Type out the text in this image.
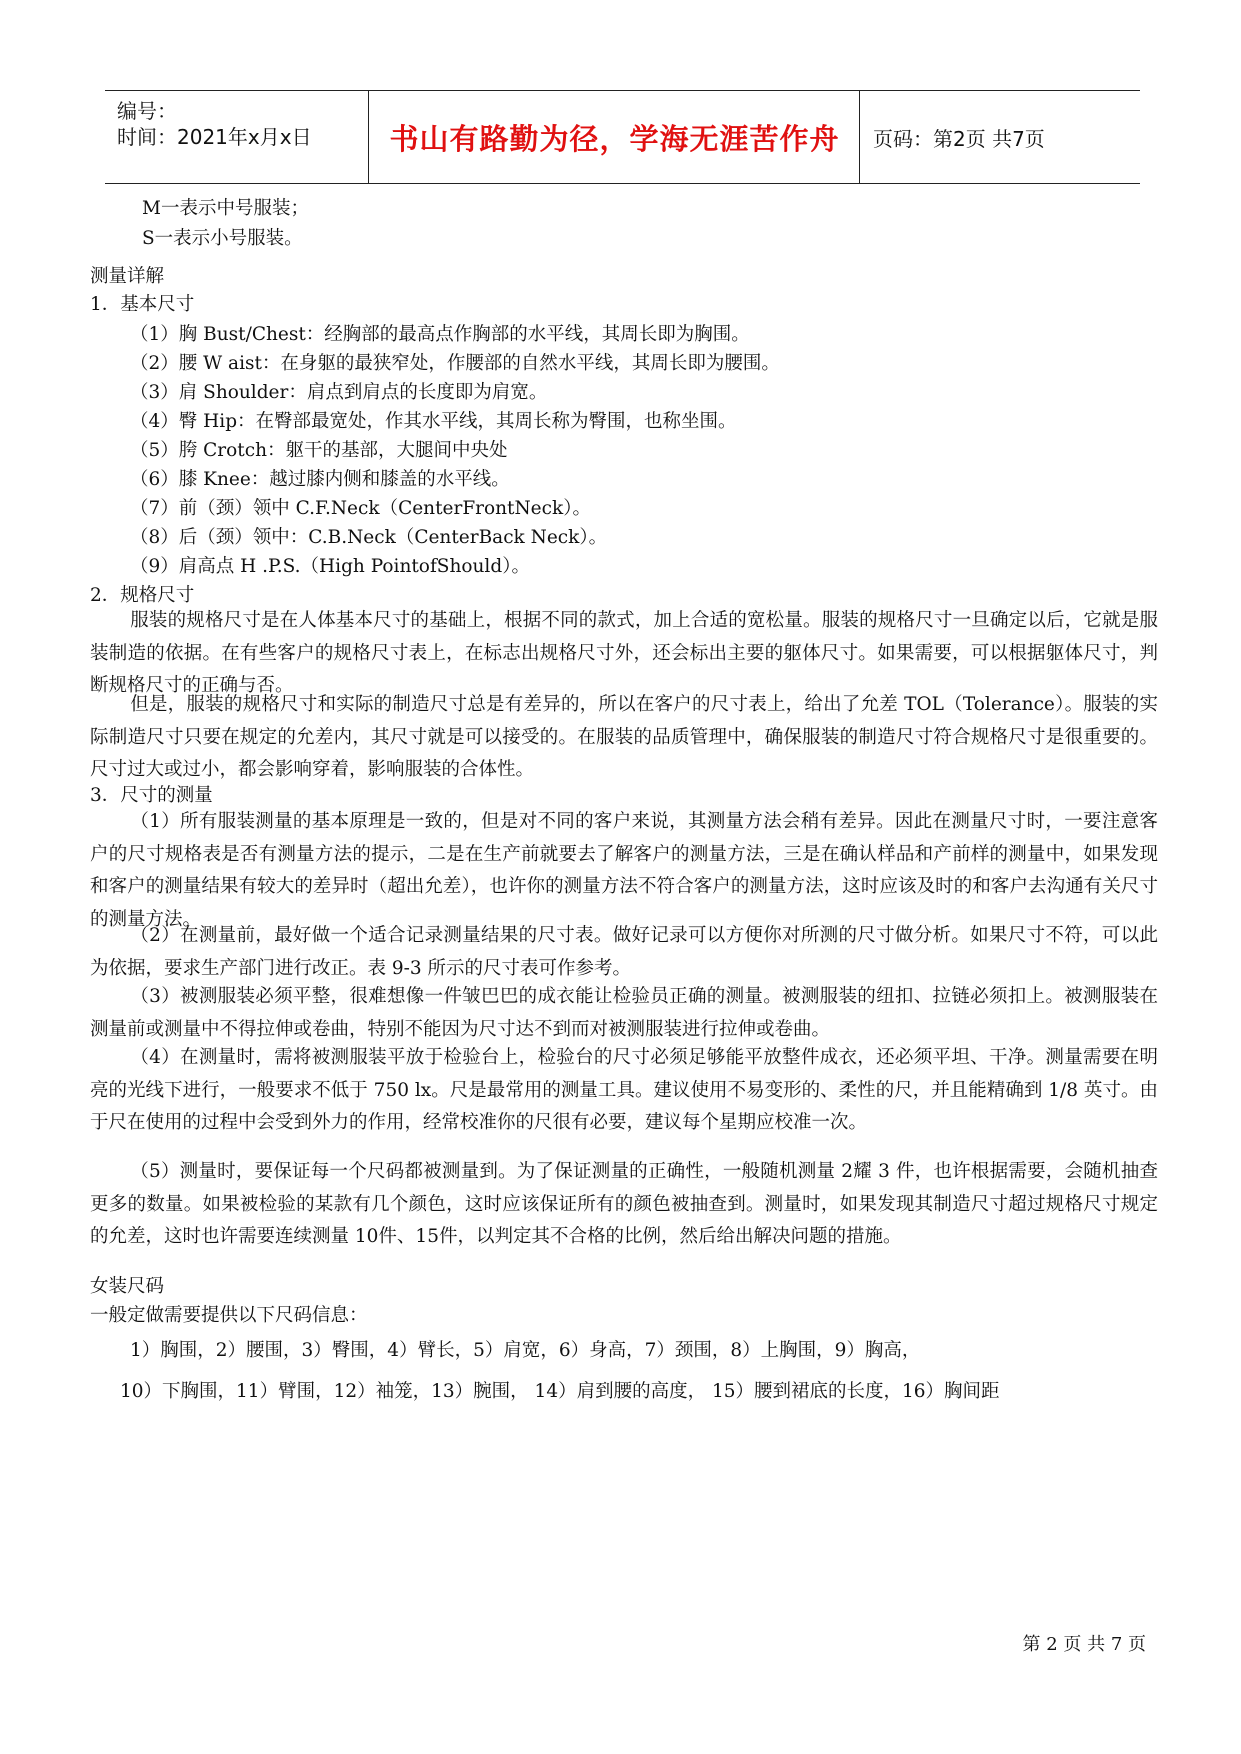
编号：
时间：2021年x月x日	书山有路勤为径，学海无涯苦作舟	页码：第2页 共7页
M一表示中号服装；
S一表示小号服装。
测量详解
1．基本尺寸
（1）胸 Bust/Chest：经胸部的最高点作胸部的水平线，其周长即为胸围。
（2）腰 W aist：在身躯的最狭窄处，作腰部的自然水平线，其周长即为腰围。
（3）肩 Shoulder：肩点到肩点的长度即为肩宽。
（4）臀 Hip：在臀部最宽处，作其水平线，其周长称为臀围，也称坐围。
（5）胯 Crotch：躯干的基部，大腿间中央处
（6）膝 Knee：越过膝内侧和膝盖的水平线。
（7）前（颈）领中 C.F.Neck（CenterFrontNeck）。
（8）后（颈）领中：C.B.Neck（CenterBack Neck）。
（9）肩高点 H .P.S.（High PointofShould）。
2．规格尺寸
服装的规格尺寸是在人体基本尺寸的基础上，根据不同的款式，加上合适的宽松量。服装的规格尺寸一旦确定以后，它就是服装制造的依据。在有些客户的规格尺寸表上，在标志出规格尺寸外，还会标出主要的躯体尺寸。如果需要，可以根据躯体尺寸，判断规格尺寸的正确与否。
但是，服装的规格尺寸和实际的制造尺寸总是有差异的，所以在客户的尺寸表上，给出了允差 TOL（Tolerance）。服装的实际制造尺寸只要在规定的允差内，其尺寸就是可以接受的。在服装的品质管理中，确保服装的制造尺寸符合规格尺寸是很重要的。尺寸过大或过小，都会影响穿着，影响服装的合体性。
3．尺寸的测量
（1）所有服装测量的基本原理是一致的，但是对不同的客户来说，其测量方法会稍有差异。因此在测量尺寸时，一要注意客户的尺寸规格表是否有测量方法的提示，二是在生产前就要去了解客户的测量方法，三是在确认样品和产前样的测量中，如果发现和客户的测量结果有较大的差异时（超出允差），也许你的测量方法不符合客户的测量方法，这时应该及时的和客户去沟通有关尺寸的测量方法。
（2）在测量前，最好做一个适合记录测量结果的尺寸表。做好记录可以方便你对所测的尺寸做分析。如果尺寸不符，可以此为依据，要求生产部门进行改正。表 9-3 所示的尺寸表可作参考。
（3）被测服装必须平整，很难想像一件皱巴巴的成衣能让检验员正确的测量。被测服装的纽扣、拉链必须扣上。被测服装在测量前或测量中不得拉伸或卷曲，特别不能因为尺寸达不到而对被测服装进行拉伸或卷曲。
（4）在测量时，需将被测服装平放于检验台上，检验台的尺寸必须足够能平放整件成衣，还必须平坦、干净。测量需要在明亮的光线下进行，一般要求不低于 750 lx。尺是最常用的测量工具。建议使用不易变形的、柔性的尺，并且能精确到 1/8 英寸。由于尺在使用的过程中会受到外力的作用，经常校准你的尺很有必要，建议每个星期应校准一次。
（5）测量时，要保证每一个尺码都被测量到。为了保证测量的正确性，一般随机测量 2耀 3 件，也许根据需要，会随机抽查更多的数量。如果被检验的某款有几个颜色，这时应该保证所有的颜色被抽查到。测量时，如果发现其制造尺寸超过规格尺寸规定的允差，这时也许需要连续测量 10件、15件，以判定其不合格的比例，然后给出解决问题的措施。
女装尺码
一般定做需要提供以下尺码信息：
1）胸围，2）腰围，3）臀围，4）臂长，5）肩宽，6）身高，7）颈围，8）上胸围，9）胸高，
10）下胸围，11）臂围，12）袖笼，13）腕围， 14）肩到腰的高度， 15）腰到裙底的长度，16）胸间距
第 2 页 共 7 页
